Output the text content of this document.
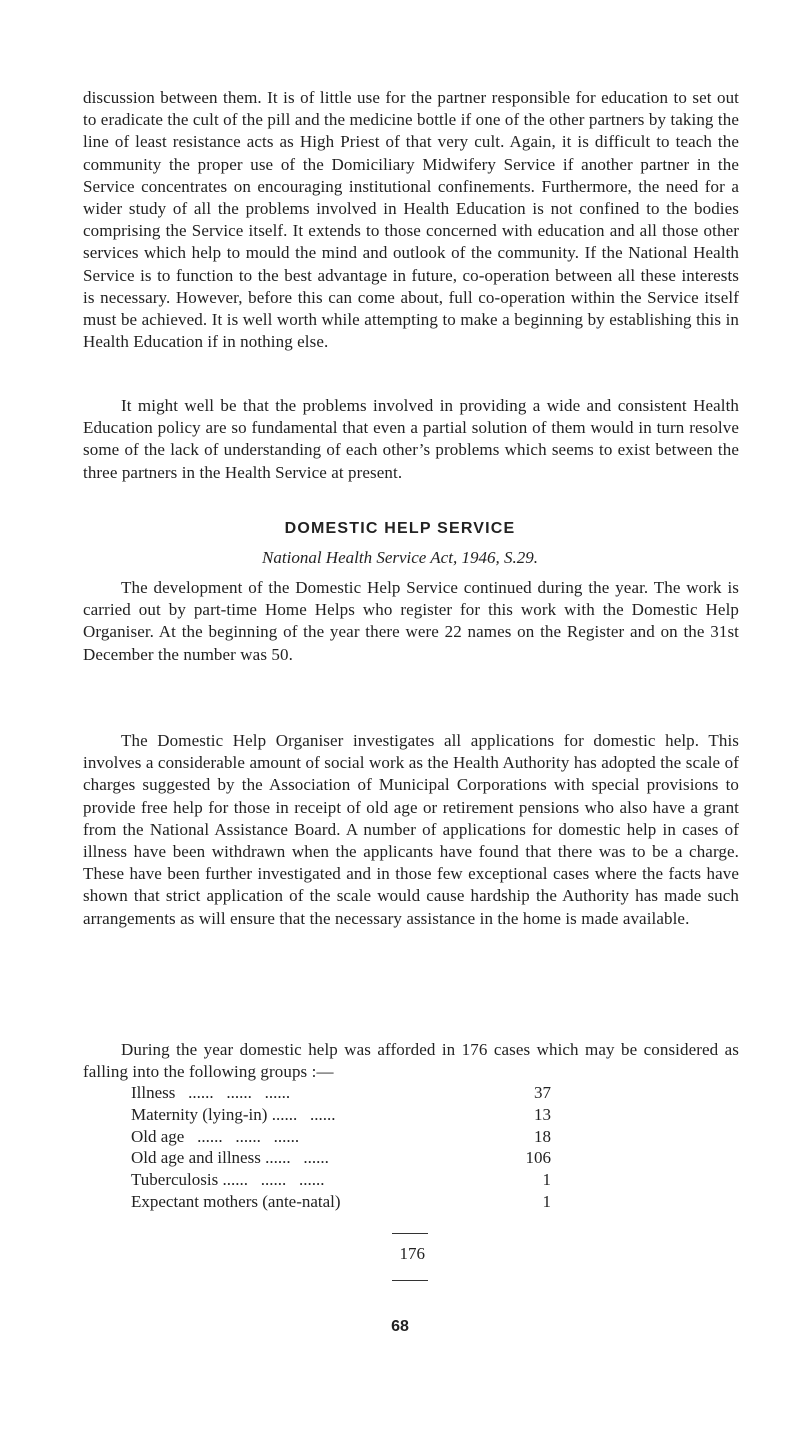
discussion between them. It is of little use for the partner responsible for education to set out to eradicate the cult of the pill and the medicine bottle if one of the other partners by taking the line of least resistance acts as High Priest of that very cult. Again, it is difficult to teach the community the proper use of the Domiciliary Midwifery Service if another partner in the Service concentrates on encouraging institutional confinements. Furthermore, the need for a wider study of all the problems involved in Health Education is not confined to the bodies comprising the Service itself. It extends to those concerned with education and all those other services which help to mould the mind and outlook of the community. If the National Health Service is to function to the best advantage in future, co-operation between all these interests is necessary. However, before this can come about, full co-operation within the Service itself must be achieved. It is well worth while attempting to make a beginning by establishing this in Health Education if in nothing else.

It might well be that the problems involved in providing a wide and consistent Health Education policy are so fundamental that even a partial solution of them would in turn resolve some of the lack of understanding of each other’s problems which seems to exist between the three partners in the Health Service at present.

DOMESTIC HELP SERVICE
National Health Service Act, 1946, S.29.

The development of the Domestic Help Service continued during the year. The work is carried out by part-time Home Helps who register for this work with the Domestic Help Organiser. At the beginning of the year there were 22 names on the Register and on the 31st December the number was 50.

The Domestic Help Organiser investigates all applications for domestic help. This involves a considerable amount of social work as the Health Authority has adopted the scale of charges suggested by the Association of Municipal Corporations with special provisions to provide free help for those in receipt of old age or retirement pensions who also have a grant from the National Assistance Board. A number of applications for domestic help in cases of illness have been withdrawn when the applicants have found that there was to be a charge. These have been further investigated and in those few exceptional cases where the facts have shown that strict application of the scale would cause hardship the Authority has made such arrangements as will ensure that the necessary assistance in the home is made available.

During the year domestic help was afforded in 176 cases which may be considered as falling into the following groups :—

Illness   ......   ......   ......	37
Maternity (lying-in) ......   ......	13
Old age   ......   ......   ......	18
Old age and illness ......   ......	106
Tuberculosis ......   ......   ......	1
Expectant mothers (ante-natal)	1
176
68
